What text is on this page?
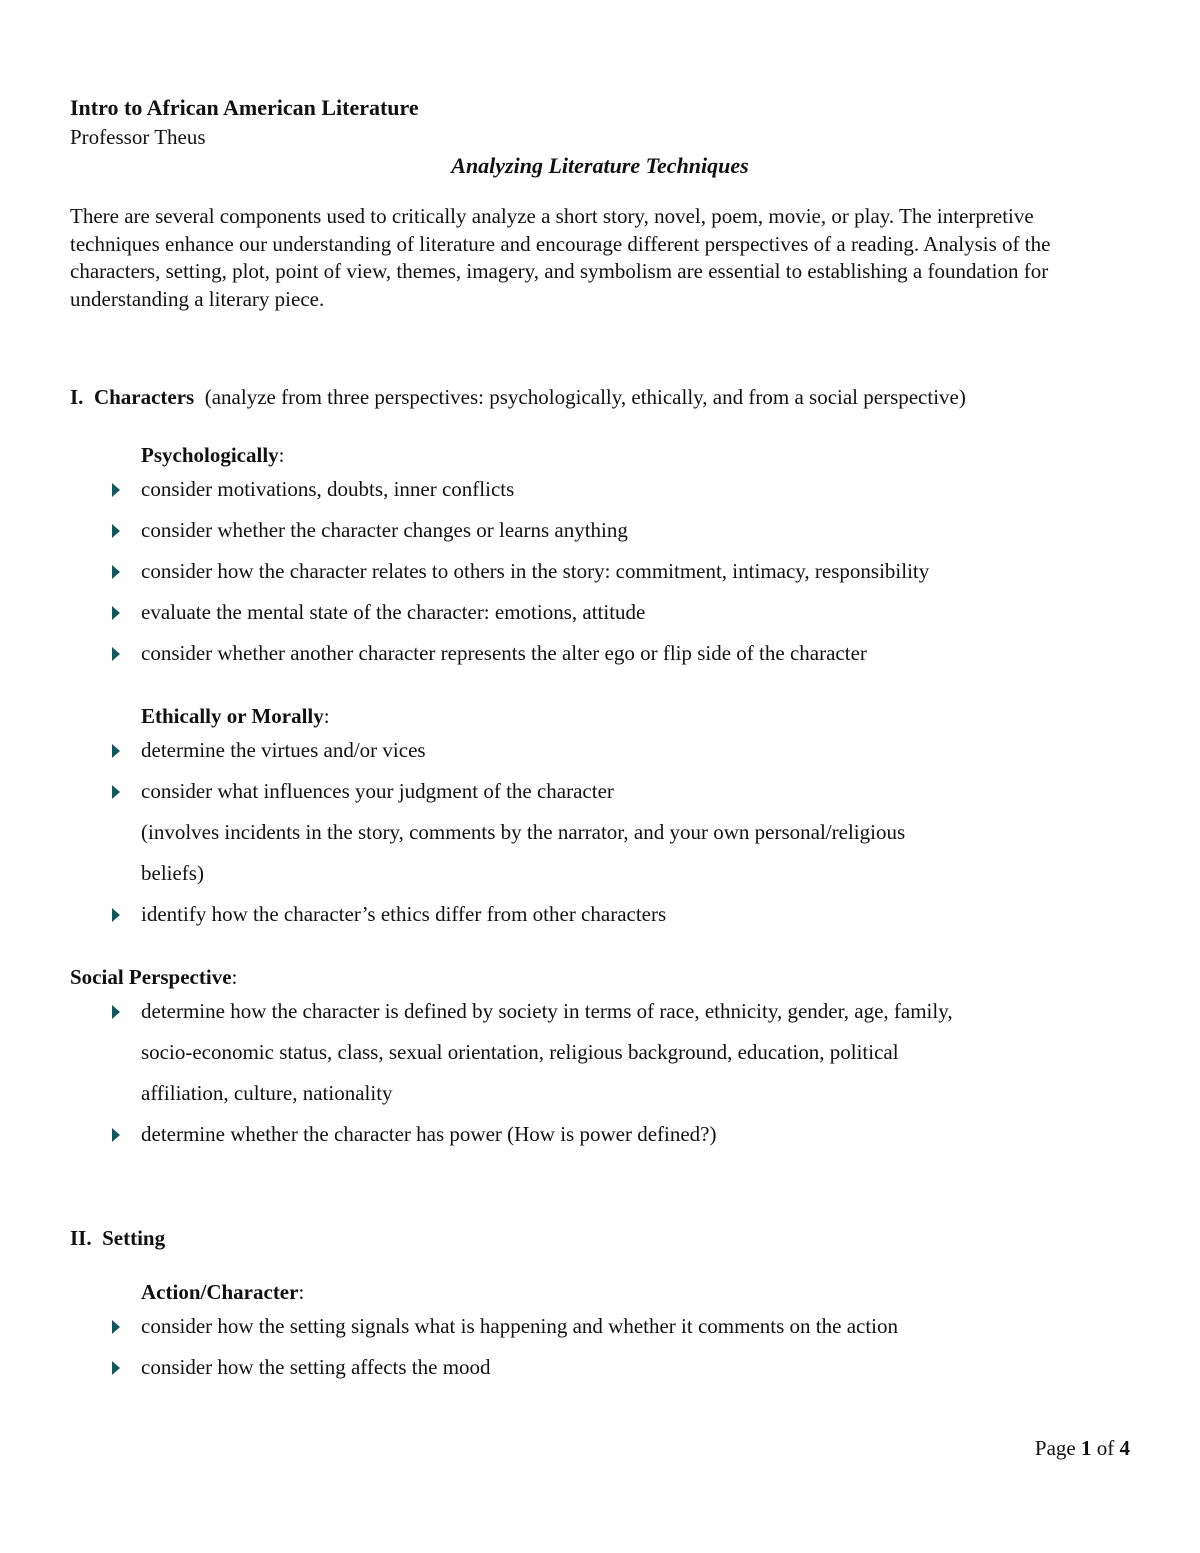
Intro to African American Literature

Professor Theus

Analyzing Literature Techniques

There are several components used to critically analyze a short story, novel, poem, movie, or play. The interpretive techniques enhance our understanding of literature and encourage different perspectives of a reading. Analysis of the characters, setting, plot, point of view, themes, imagery, and symbolism are essential to establishing a foundation for understanding a literary piece.

I. Characters (analyze from three perspectives: psychologically, ethically, and from a social perspective)

Psychologically:

consider motivations, doubts, inner conflicts
consider whether the character changes or learns anything
consider how the character relates to others in the story: commitment, intimacy, responsibility
evaluate the mental state of the character: emotions, attitude
consider whether another character represents the alter ego or flip side of the character

Ethically or Morally:

determine the virtues and/or vices
consider what influences your judgment of the character
(involves incidents in the story, comments by the narrator, and your own personal/religious
beliefs)
identify how the character’s ethics differ from other characters

Social Perspective:

determine how the character is defined by society in terms of race, ethnicity, gender, age, family,
socio-economic status, class, sexual orientation, religious background, education, political
affiliation, culture, nationality
determine whether the character has power (How is power defined?)

II. Setting

Action/Character:

consider how the setting signals what is happening and whether it comments on the action
consider how the setting affects the mood
Page 1 of 4
